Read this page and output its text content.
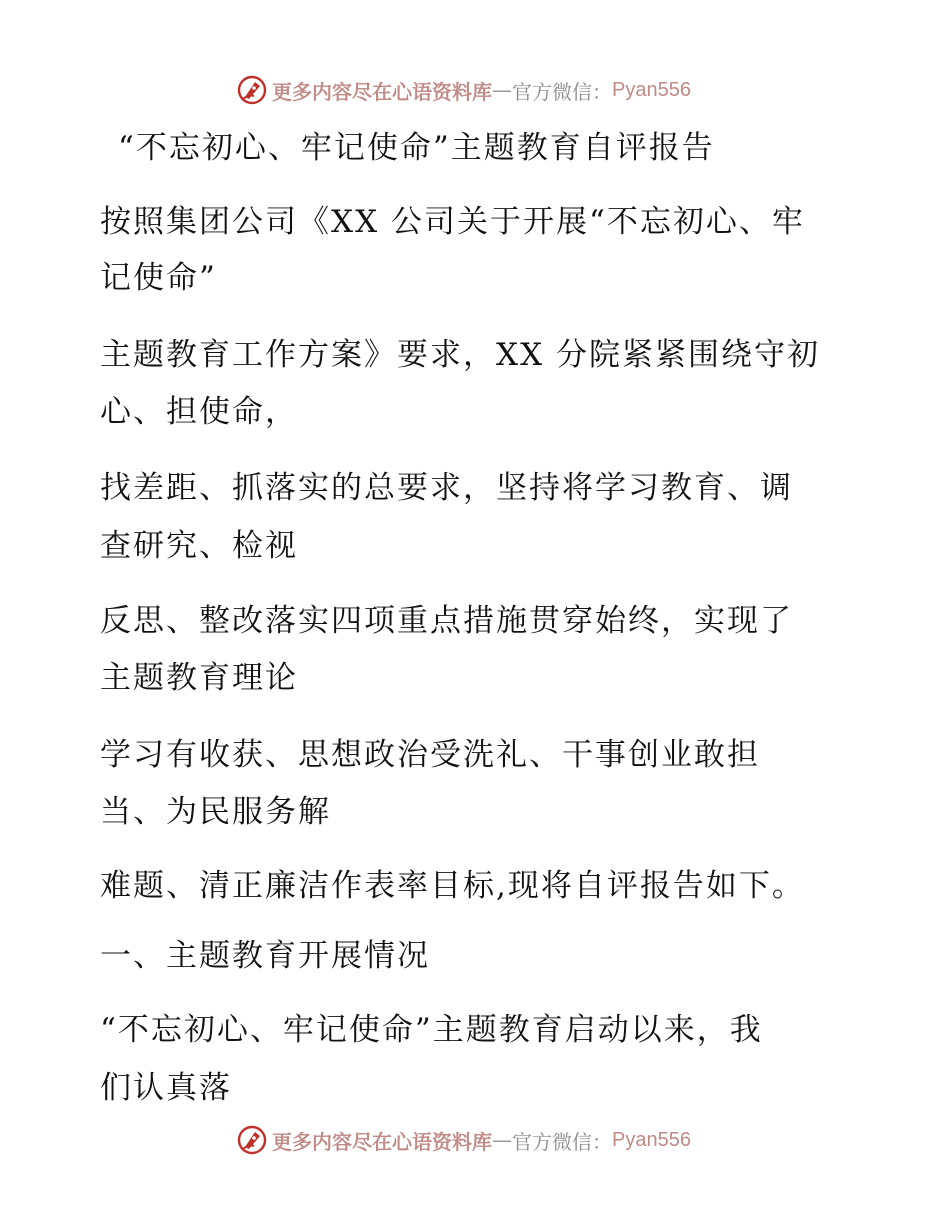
更多内容尽在心语资料库 — 官方微信： Pyan556
“不忘初心、牢记使命”主题教育自评报告
按照集团公司《XX 公司关于开展“不忘初心、牢
记使命”
主题教育工作方案》要求，XX 分院紧紧围绕守初
心、担使命，
找差距、抓落实的总要求，坚持将学习教育、调
查研究、检视
反思、整改落实四项重点措施贯穿始终，实现了
主题教育理论
学习有收获、思想政治受洗礼、干事创业敢担
当、为民服务解
难题、清正廉洁作表率目标,现将自评报告如下。
一、主题教育开展情况
“不忘初心、牢记使命”主题教育启动以来，我
们认真落
更多内容尽在心语资料库 — 官方微信： Pyan556
